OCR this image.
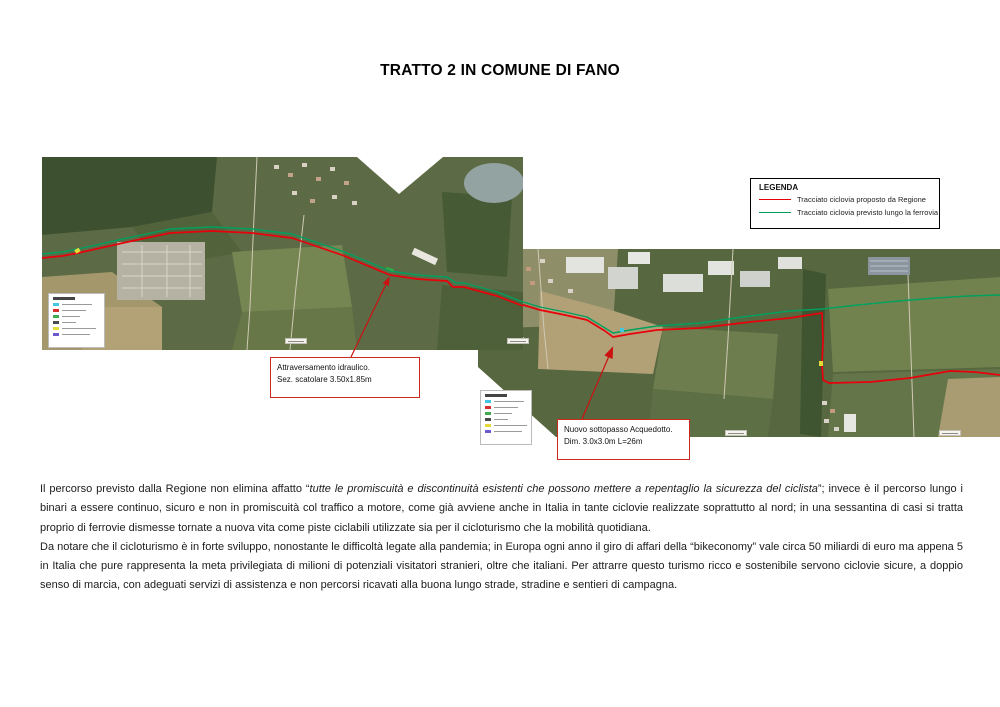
TRATTO 2 IN COMUNE DI FANO
LEGENDA
Tracciato ciclovia proposto da Regione
Tracciato ciclovia previsto lungo la ferrovia
Attraversamento idraulico.
Sez. scatolare 3.50x1.85m
Nuovo sottopasso Acquedotto.
Dim. 3.0x3.0m L=26m

Il percorso previsto dalla Regione non elimina affatto “tutte le promiscuità e discontinuità esistenti che possono mettere a repentaglio la sicurezza del ciclista”; invece è il percorso lungo i binari a essere continuo, sicuro e non in promiscuità col traffico a motore, come già avviene anche in Italia in tante ciclovie realizzate soprattutto al nord; in una sessantina di casi si tratta proprio di ferrovie dismesse tornate a nuova vita come piste ciclabili utilizzate sia per il cicloturismo che la mobilità quotidiana.

Da notare che il cicloturismo è in forte sviluppo, nonostante le difficoltà legate alla pandemia; in Europa ogni anno il giro di affari della “bikeconomy” vale circa 50 miliardi di euro ma appena 5 in Italia che pure rappresenta la meta privilegiata di milioni di potenziali visitatori stranieri, oltre che italiani. Per attrarre questo turismo ricco e sostenibile servono ciclovie sicure, a doppio senso di marcia, con adeguati servizi di assistenza e non percorsi ricavati alla buona lungo strade, stradine e sentieri di campagna.
